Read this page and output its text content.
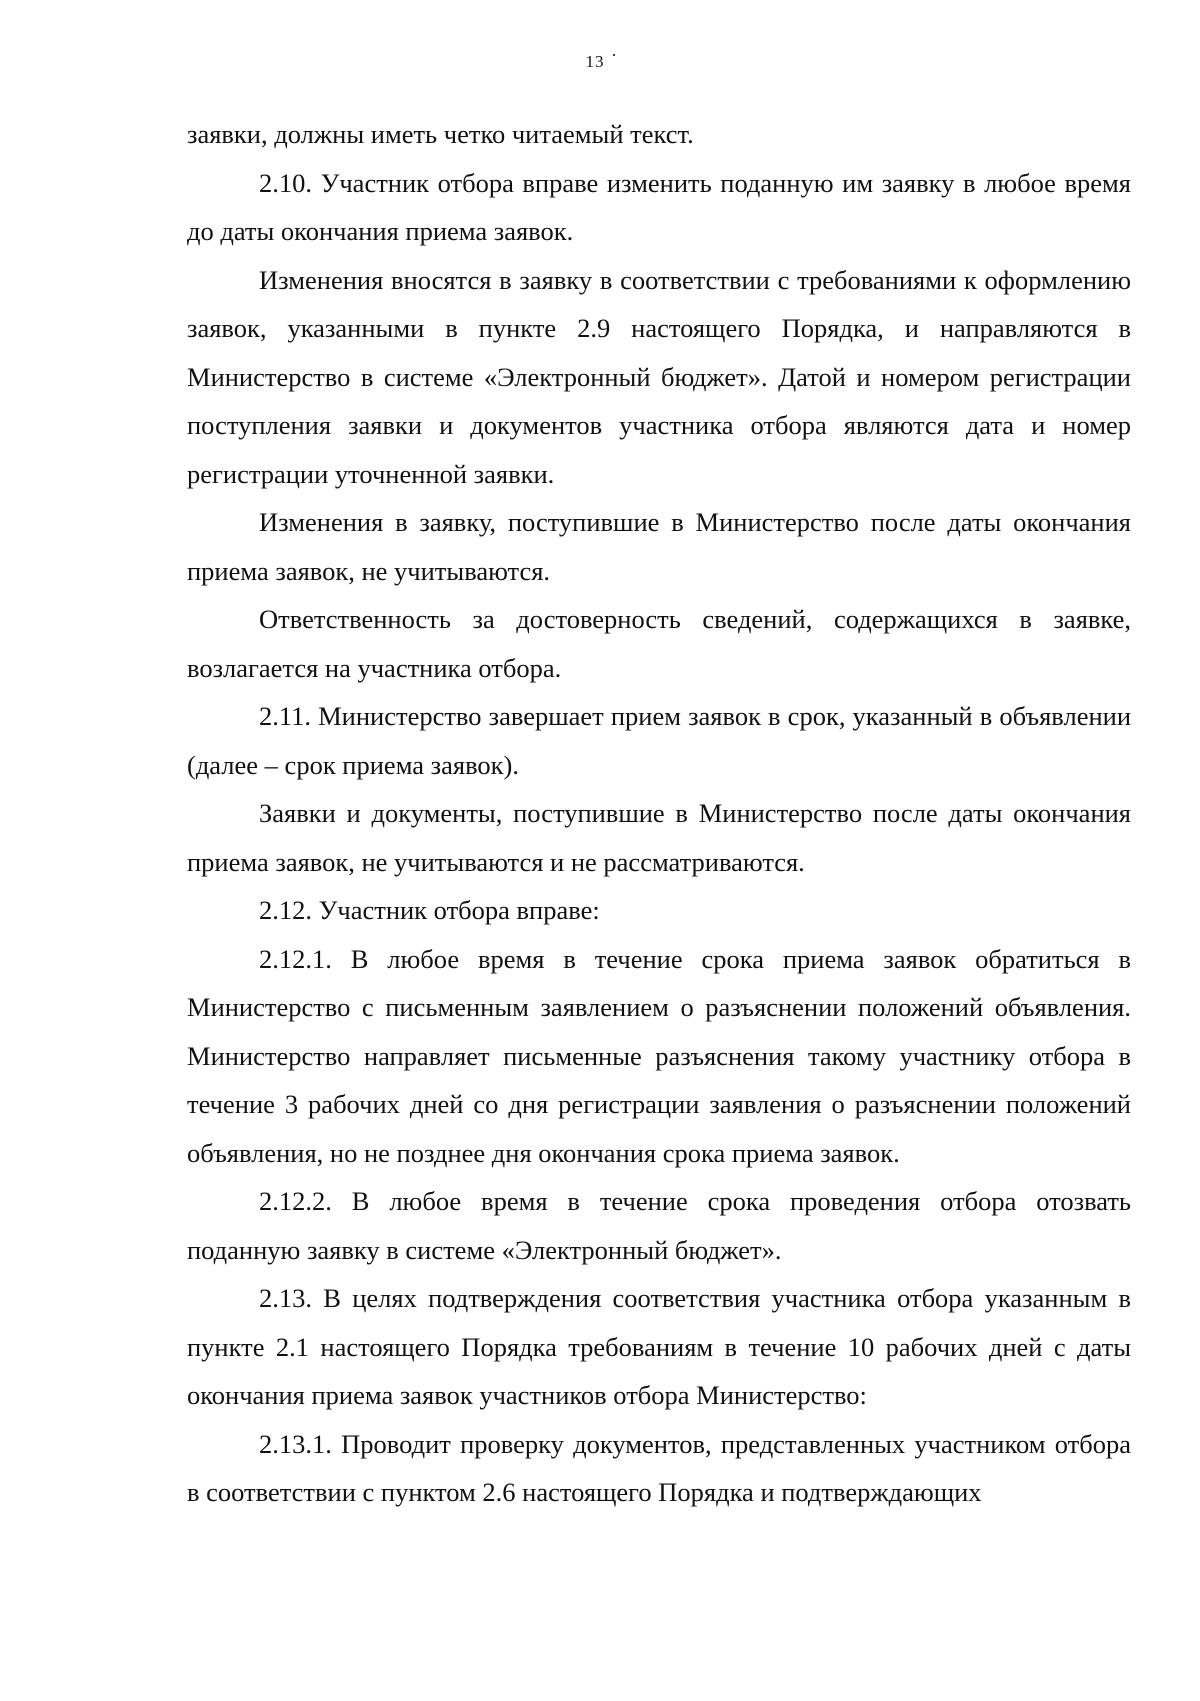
13

заявки, должны иметь четко читаемый текст.

2.10. Участник отбора вправе изменить поданную им заявку в любое время до даты окончания приема заявок.

Изменения вносятся в заявку в соответствии с требованиями к оформлению заявок, указанными в пункте 2.9 настоящего Порядка, и направляются в Министерство в системе «Электронный бюджет». Датой и номером регистрации поступления заявки и документов участника отбора являются дата и номер регистрации уточненной заявки.

Изменения в заявку, поступившие в Министерство после даты окончания приема заявок, не учитываются.

Ответственность за достоверность сведений, содержащихся в заявке, возлагается на участника отбора.

2.11. Министерство завершает прием заявок в срок, указанный в объявлении (далее – срок приема заявок).

Заявки и документы, поступившие в Министерство после даты окончания приема заявок, не учитываются и не рассматриваются.

2.12. Участник отбора вправе:

2.12.1. В любое время в течение срока приема заявок обратиться в Министерство с письменным заявлением о разъяснении положений объявления. Министерство направляет письменные разъяснения такому участнику отбора в течение 3 рабочих дней со дня регистрации заявления о разъяснении положений объявления, но не позднее дня окончания срока приема заявок.

2.12.2. В любое время в течение срока проведения отбора отозвать поданную заявку в системе «Электронный бюджет».

2.13. В целях подтверждения соответствия участника отбора указанным в пункте 2.1 настоящего Порядка требованиям в течение 10 рабочих дней с даты окончания приема заявок участников отбора Министерство:

2.13.1. Проводит проверку документов, представленных участником отбора в соответствии с пунктом 2.6 настоящего Порядка и подтверждающих
